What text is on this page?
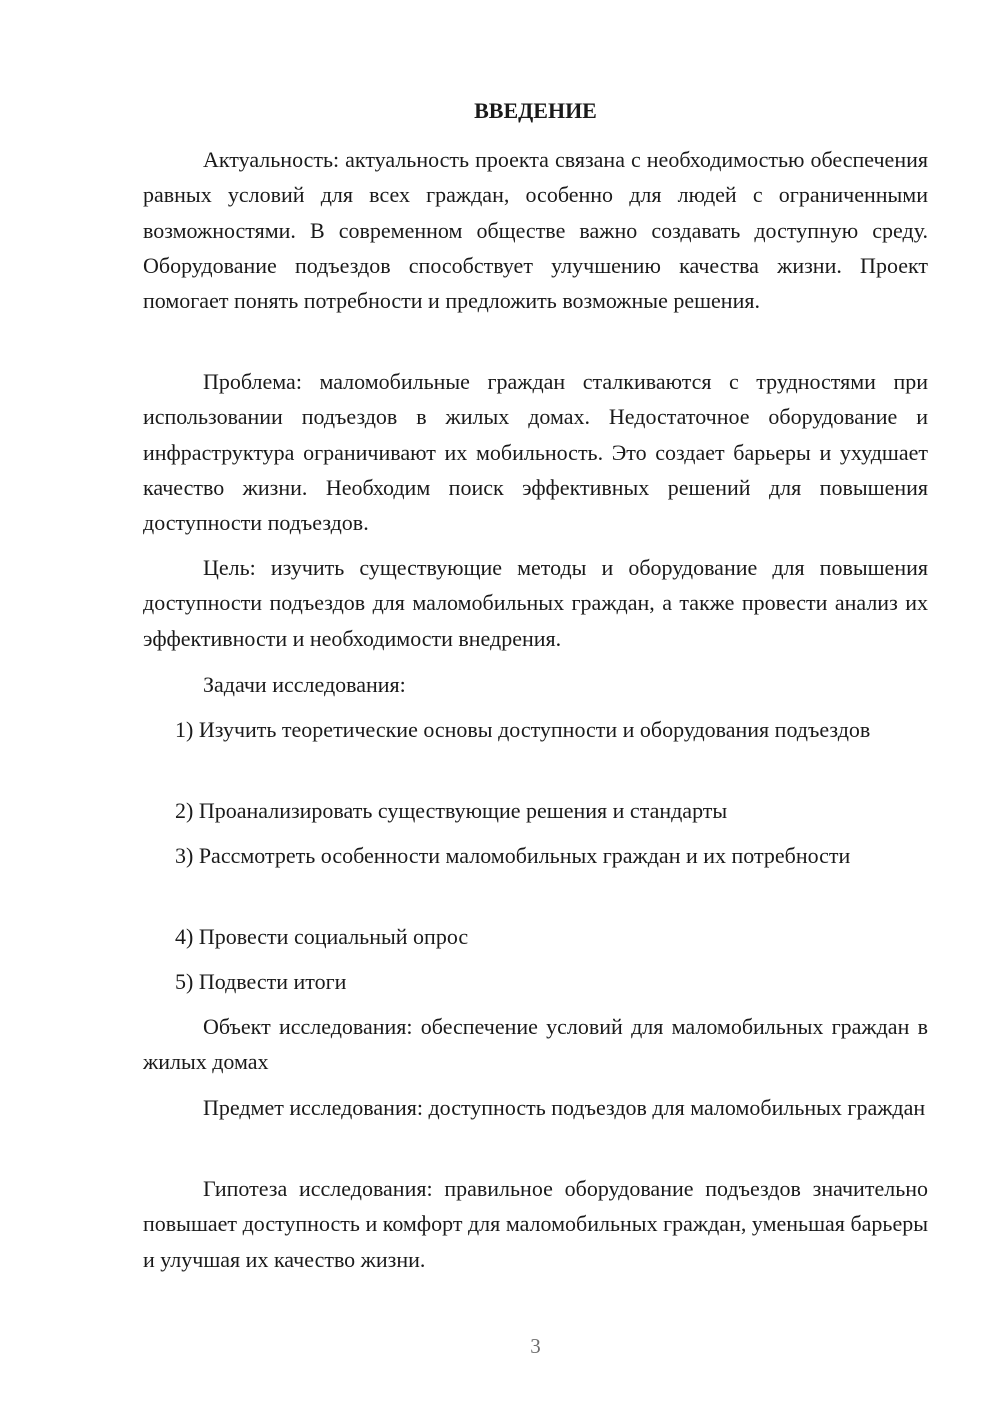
ВВЕДЕНИЕ

Актуальность: актуальность проекта связана с необходимостью обеспечения равных условий для всех граждан, особенно для людей с ограниченными возможностями. В современном обществе важно создавать доступную среду. Оборудование подъездов способствует улучшению качества жизни. Проект помогает понять потребности и предложить возможные решения.

Проблема: маломобильные граждан сталкиваются с трудностями при использовании подъездов в жилых домах. Недостаточное оборудование и инфраструктура ограничивают их мобильность. Это создает барьеры и ухудшает качество жизни. Необходим поиск эффективных решений для повышения доступности подъездов.

Цель: изучить существующие методы и оборудование для повышения доступности подъездов для маломобильных граждан, а также провести анализ их эффективности и необходимости внедрения.

Задачи исследования:

1) Изучить теоретические основы доступности и оборудования подъездов

2) Проанализировать существующие решения и стандарты

3) Рассмотреть особенности маломобильных граждан и их потребности

4) Провести социальный опрос

5) Подвести итоги

Объект исследования: обеспечение условий для маломобильных граждан в жилых домах

Предмет исследования: доступность подъездов для маломобильных граждан

Гипотеза исследования: правильное оборудование подъездов значительно повышает доступность и комфорт для маломобильных граждан, уменьшая барьеры и улучшая их качество жизни.

3
